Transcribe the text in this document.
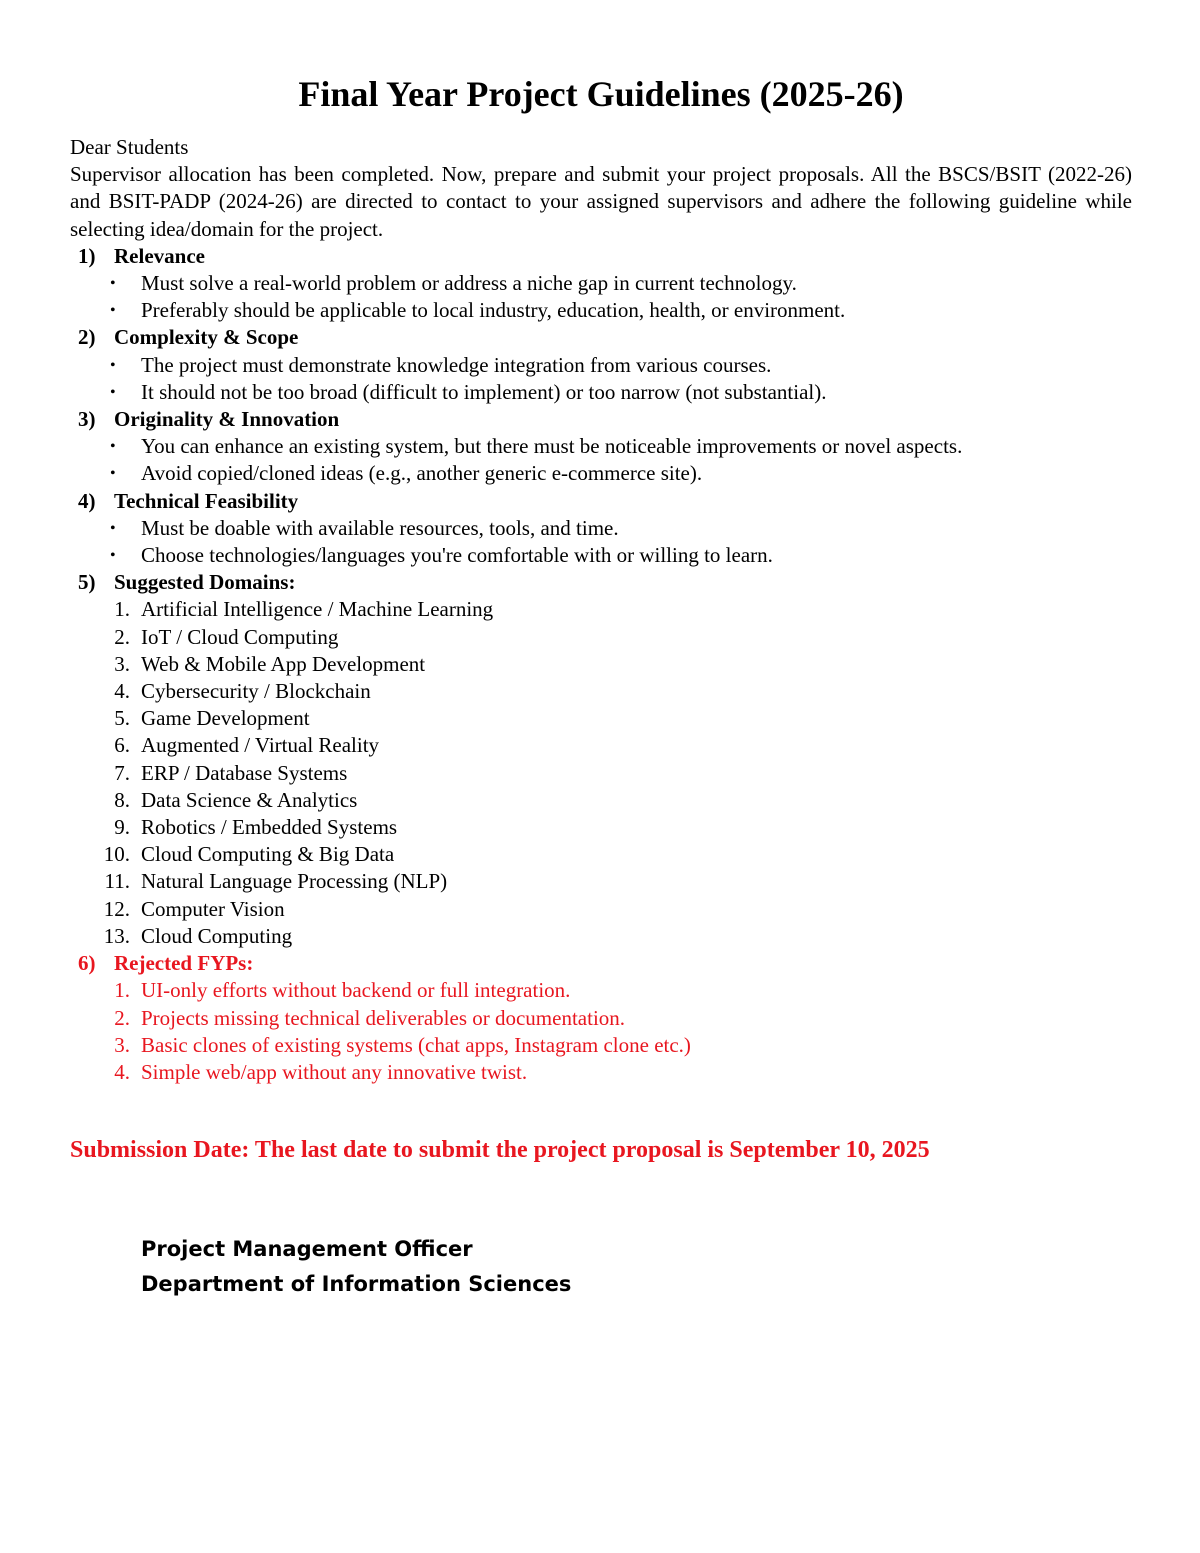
Final Year Project Guidelines (2025-26)

Dear Students

Supervisor allocation has been completed. Now, prepare and submit your project proposals. All the BSCS/BSIT (2022-26) and BSIT-PADP (2024-26) are directed to contact to your assigned supervisors and adhere the following guideline while selecting idea/domain for the project.

1) Relevance
•	Must solve a real-world problem or address a niche gap in current technology.
•	Preferably should be applicable to local industry, education, health, or environment.
2) Complexity & Scope
•	The project must demonstrate knowledge integration from various courses.
•	It should not be too broad (difficult to implement) or too narrow (not substantial).
3) Originality & Innovation
•	You can enhance an existing system, but there must be noticeable improvements or novel aspects.
•	Avoid copied/cloned ideas (e.g., another generic e-commerce site).
4) Technical Feasibility
•	Must be doable with available resources, tools, and time.
•	Choose technologies/languages you're comfortable with or willing to learn.
5) Suggested Domains:
1. Artificial Intelligence / Machine Learning
2. IoT / Cloud Computing
3. Web & Mobile App Development
4. Cybersecurity / Blockchain
5. Game Development
6. Augmented / Virtual Reality
7. ERP / Database Systems
8. Data Science & Analytics
9. Robotics / Embedded Systems
10. Cloud Computing & Big Data
11. Natural Language Processing (NLP)
12. Computer Vision
13. Cloud Computing
6) Rejected FYPs:
1. UI-only efforts without backend or full integration.
2. Projects missing technical deliverables or documentation.
3. Basic clones of existing systems (chat apps, Instagram clone etc.)
4. Simple web/app without any innovative twist.
Submission Date: The last date to submit the project proposal is September 10, 2025
Project Management Officer
Department of Information Sciences
